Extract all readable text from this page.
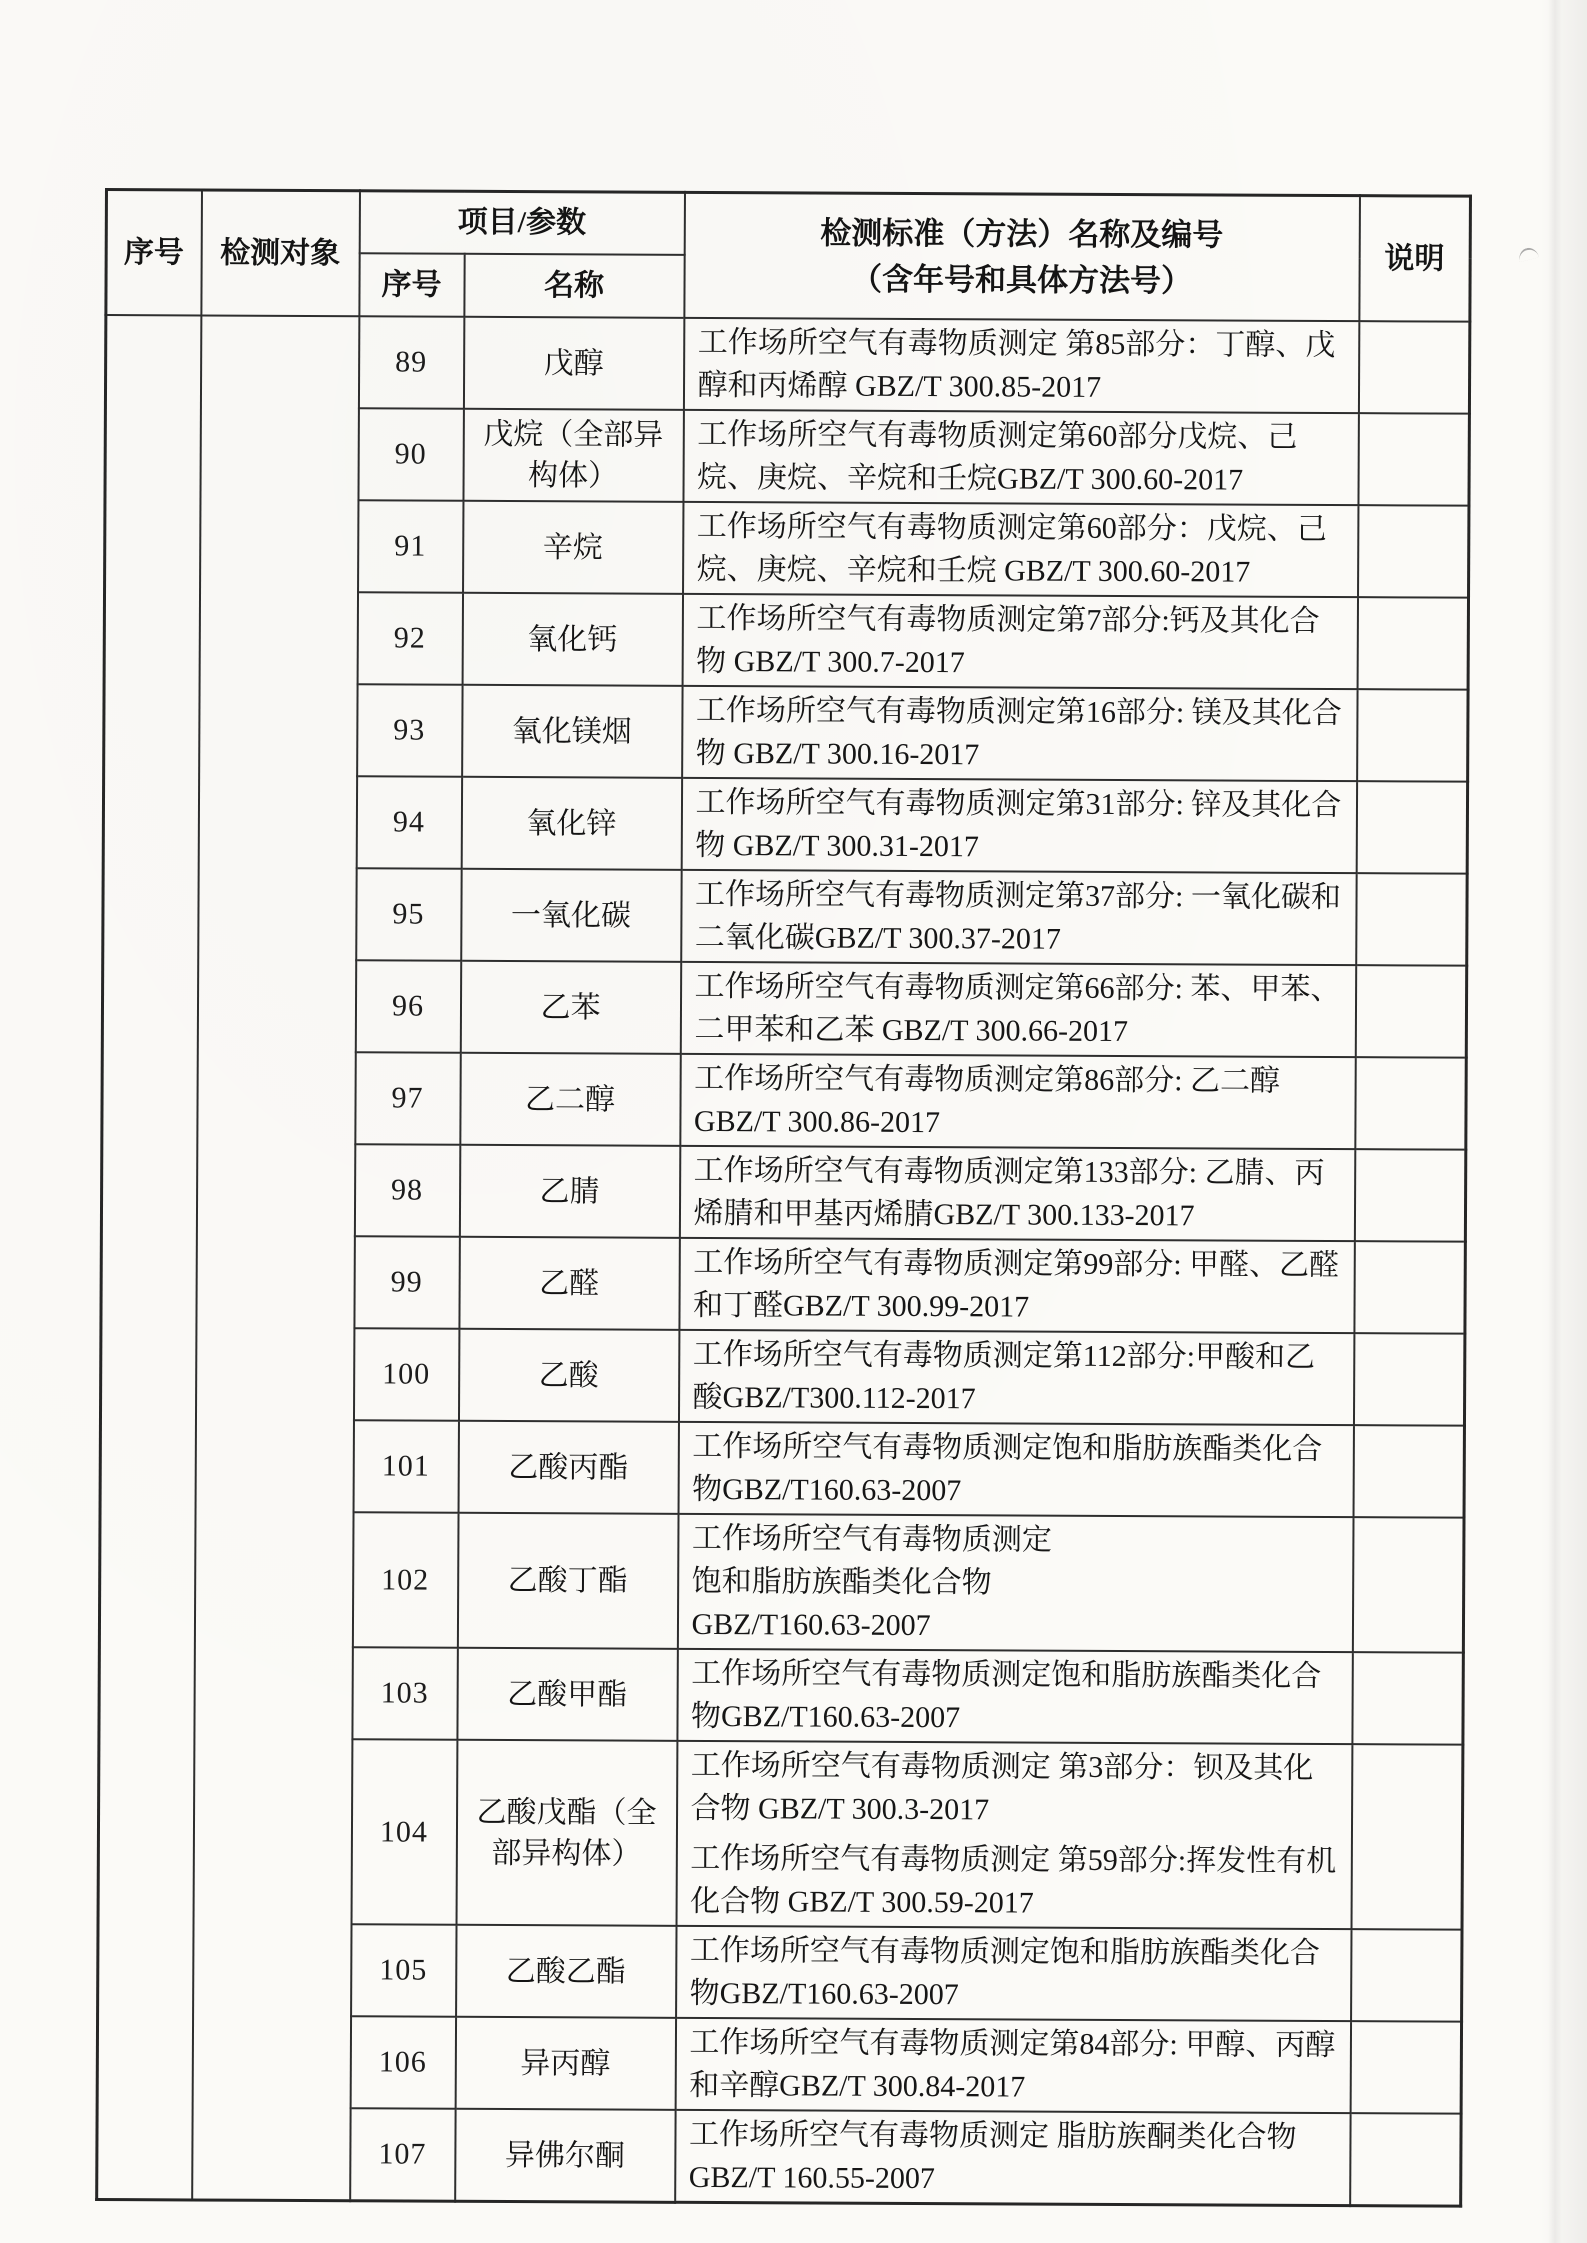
序号	检测对象	项目/参数		检测标准（方法）名称及编号
（含年号和具体方法号）	说明
		序号	名称		
		89	戊醇	工作场所空气有毒物质测定 第85部分：丁醇、戊醇和丙烯醇 GBZ/T 300.85-2017	

		90	戊烷（全部异构体）	工作场所空气有毒物质测定第60部分戊烷、己烷、庚烷、辛烷和壬烷GBZ/T 300.60-2017	

		91	辛烷	工作场所空气有毒物质测定第60部分：戊烷、己烷、庚烷、辛烷和壬烷 GBZ/T 300.60-2017	

		92	氧化钙	工作场所空气有毒物质测定第7部分:钙及其化合物 GBZ/T 300.7-2017	

		93	氧化镁烟	工作场所空气有毒物质测定第16部分: 镁及其化合物 GBZ/T 300.16-2017	

		94	氧化锌	工作场所空气有毒物质测定第31部分: 锌及其化合物 GBZ/T 300.31-2017	

		95	一氧化碳	工作场所空气有毒物质测定第37部分: 一氧化碳和二氧化碳GBZ/T 300.37-2017	

		96	乙苯	工作场所空气有毒物质测定第66部分: 苯、甲苯、二甲苯和乙苯 GBZ/T 300.66-2017	

		97	乙二醇	工作场所空气有毒物质测定第86部分: 乙二醇GBZ/T 300.86-2017	

		98	乙腈	工作场所空气有毒物质测定第133部分: 乙腈、丙烯腈和甲基丙烯腈GBZ/T 300.133-2017	

		99	乙醛	工作场所空气有毒物质测定第99部分: 甲醛、乙醛和丁醛GBZ/T 300.99-2017	

		100	乙酸	工作场所空气有毒物质测定第112部分:甲酸和乙酸GBZ/T300.112-2017	

		101	乙酸丙酯	工作场所空气有毒物质测定饱和脂肪族酯类化合物GBZ/T160.63-2007	

		102	乙酸丁酯	工作场所空气有毒物质测定
饱和脂肪族酯类化合物
GBZ/T160.63-2007	

		103	乙酸甲酯	工作场所空气有毒物质测定饱和脂肪族酯类化合物GBZ/T160.63-2007	

		104	乙酸戊酯（全部异构体）	工作场所空气有毒物质测定 第3部分：钡及其化合物 GBZ/T 300.3-2017
工作场所空气有毒物质测定 第59部分:挥发性有机化合物 GBZ/T 300.59-2017	

		105	乙酸乙酯	工作场所空气有毒物质测定饱和脂肪族酯类化合物GBZ/T160.63-2007	

		106	异丙醇	工作场所空气有毒物质测定第84部分: 甲醇、丙醇和辛醇GBZ/T 300.84-2017	

		107	异佛尔酮	工作场所空气有毒物质测定 脂肪族酮类化合物GBZ/T 160.55-2007	
